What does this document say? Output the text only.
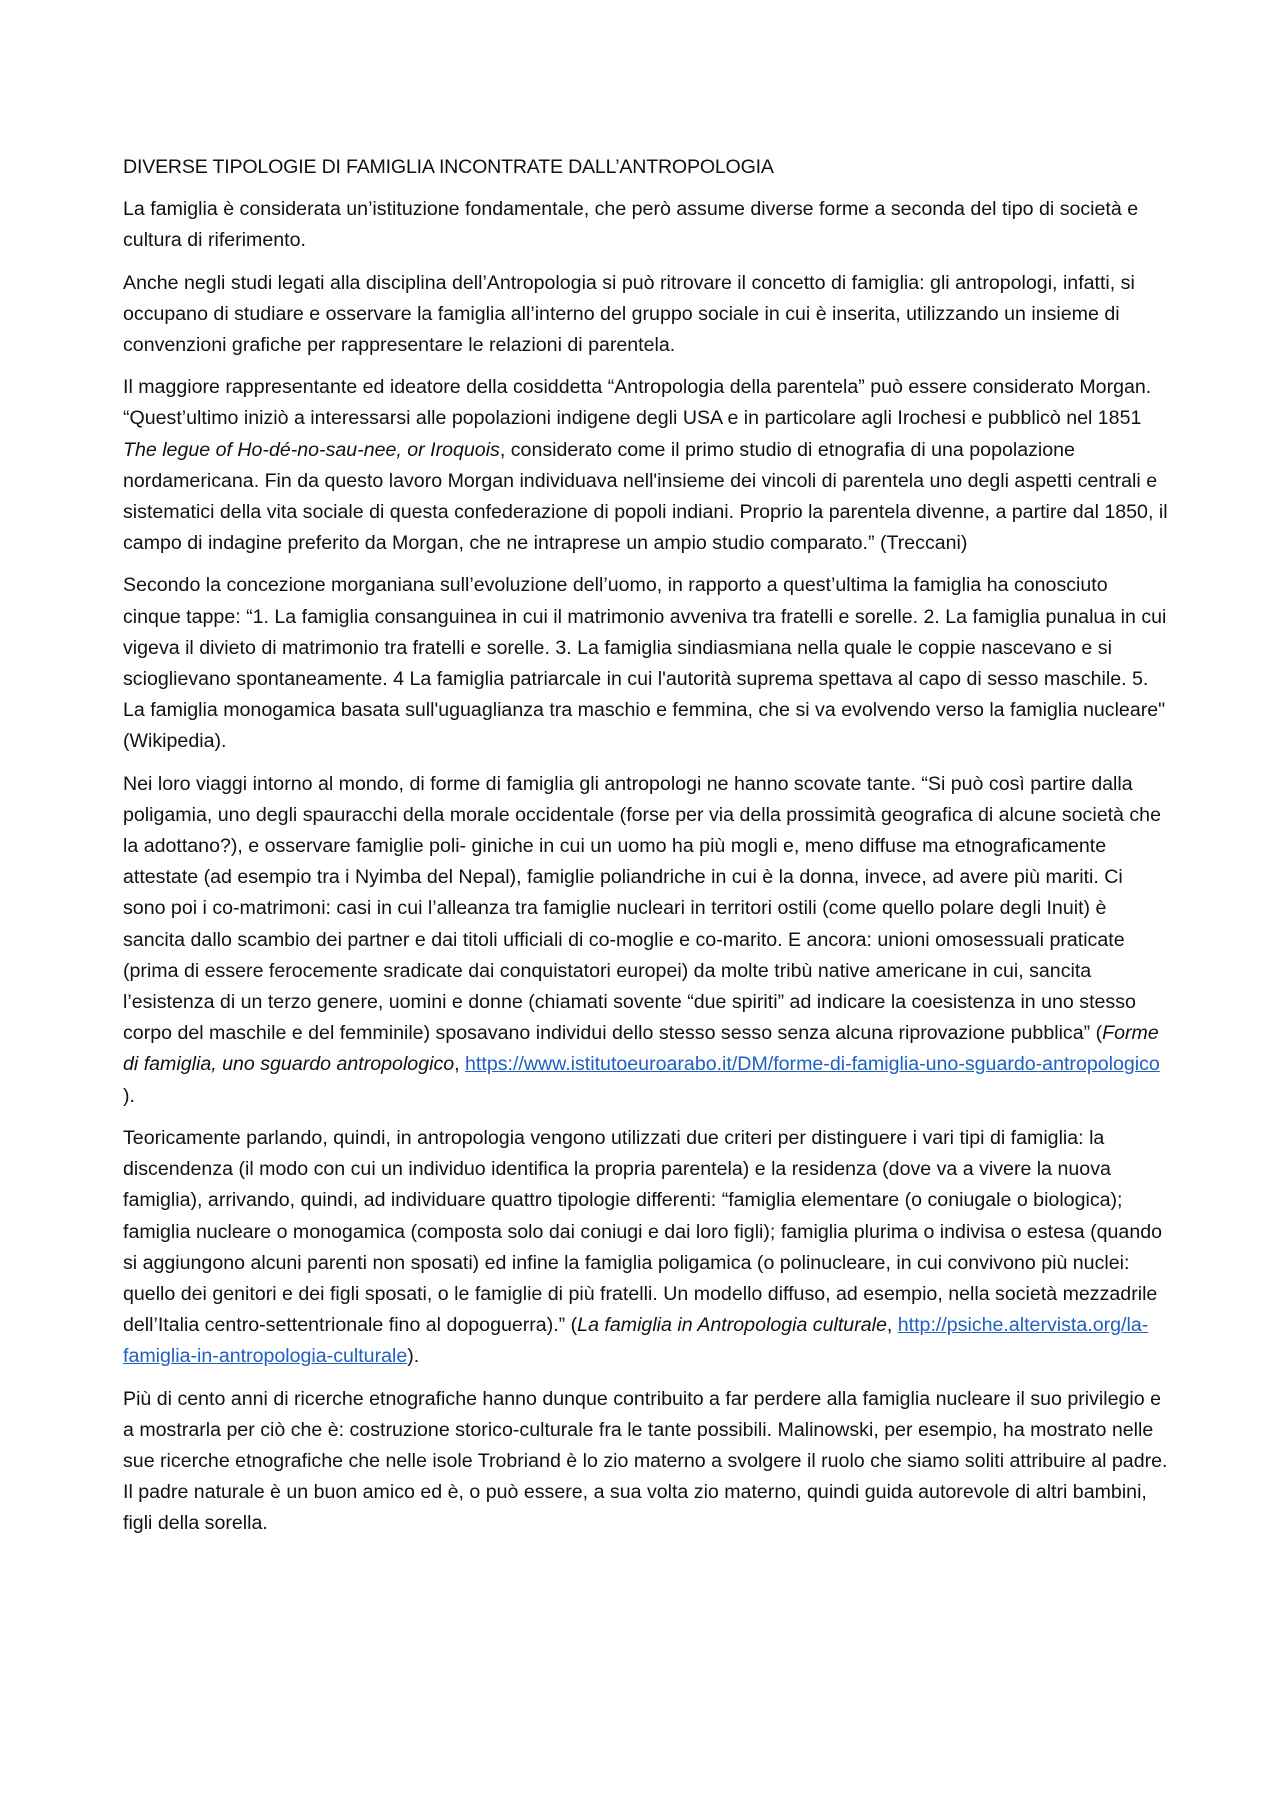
DIVERSE TIPOLOGIE DI FAMIGLIA INCONTRATE DALL’ANTROPOLOGIA
La famiglia è considerata un’istituzione fondamentale, che però assume diverse forme a seconda del tipo di società e cultura di riferimento.
Anche negli studi legati alla disciplina dell’Antropologia si può ritrovare il concetto di famiglia: gli antropologi, infatti, si occupano di studiare e osservare la famiglia all’interno del gruppo sociale in cui è inserita, utilizzando un insieme di convenzioni grafiche per rappresentare le relazioni di parentela.
Il maggiore rappresentante ed ideatore della cosiddetta “Antropologia della parentela” può essere considerato Morgan. “Quest’ultimo iniziò a interessarsi alle popolazioni indigene degli USA e in particolare agli Irochesi e pubblicò nel 1851 The legue of Ho-dé-no-sau-nee, or Iroquois, considerato come il primo studio di etnografia di una popolazione nordamericana. Fin da questo lavoro Morgan individuava nell'insieme dei vincoli di parentela uno degli aspetti centrali e sistematici della vita sociale di questa confederazione di popoli indiani. Proprio la parentela divenne, a partire dal 1850, il campo di indagine preferito da Morgan, che ne intraprese un ampio studio comparato.” (Treccani)
Secondo la concezione morganiana sull’evoluzione dell’uomo, in rapporto a quest’ultima la famiglia ha conosciuto cinque tappe: “1. La famiglia consanguinea in cui il matrimonio avveniva tra fratelli e sorelle. 2. La famiglia punalua in cui vigeva il divieto di matrimonio tra fratelli e sorelle. 3. La famiglia sindiasmiana nella quale le coppie nascevano e si scioglievano spontaneamente. 4 La famiglia patriarcale in cui l'autorità suprema spettava al capo di sesso maschile. 5. La famiglia monogamica basata sull'uguaglianza tra maschio e femmina, che si va evolvendo verso la famiglia nucleare" (Wikipedia).
Nei loro viaggi intorno al mondo, di forme di famiglia gli antropologi ne hanno scovate tante. “Si può così partire dalla poligamia, uno degli spauracchi della morale occidentale (forse per via della prossimità geografica di alcune società che la adottano?), e osservare famiglie poli- giniche in cui un uomo ha più mogli e, meno diffuse ma etnograficamente attestate (ad esempio tra i Nyimba del Nepal), famiglie poliandriche in cui è la donna, invece, ad avere più mariti. Ci sono poi i co-matrimoni: casi in cui l’alleanza tra famiglie nucleari in territori ostili (come quello polare degli Inuit) è sancita dallo scambio dei partner e dai titoli ufficiali di co-moglie e co-marito. E ancora: unioni omosessuali praticate (prima di essere ferocemente sradicate dai conquistatori europei) da molte tribù native americane in cui, sancita l’esistenza di un terzo genere, uomini e donne (chiamati sovente “due spiriti” ad indicare la coesistenza in uno stesso corpo del maschile e del femminile) sposavano individui dello stesso sesso senza alcuna riprovazione pubblica” (Forme di famiglia, uno sguardo antropologico, https://www.istitutoeuroarabo.it/DM/forme-di-famiglia-uno-sguardo-antropologico ).
Teoricamente parlando, quindi, in antropologia vengono utilizzati due criteri per distinguere i vari tipi di famiglia: la discendenza (il modo con cui un individuo identifica la propria parentela) e la residenza (dove va a vivere la nuova famiglia), arrivando, quindi, ad individuare quattro tipologie differenti: “famiglia elementare (o coniugale o biologica); famiglia nucleare o monogamica (composta solo dai coniugi e dai loro figli); famiglia plurima o indivisa o estesa (quando si aggiungono alcuni parenti non sposati) ed infine la famiglia poligamica (o polinucleare, in cui convivono più nuclei: quello dei genitori e dei figli sposati, o le famiglie di più fratelli. Un modello diffuso, ad esempio, nella società mezzadrile dell’Italia centro-settentrionale fino al dopoguerra).” (La famiglia in Antropologia culturale, http://psiche.altervista.org/la-famiglia-in-antropologia-culturale).
Più di cento anni di ricerche etnografiche hanno dunque contribuito a far perdere alla famiglia nucleare il suo privilegio e a mostrarla per ciò che è: costruzione storico-culturale fra le tante possibili. Malinowski, per esempio, ha mostrato nelle sue ricerche etnografiche che nelle isole Trobriand è lo zio materno a svolgere il ruolo che siamo soliti attribuire al padre. Il padre naturale è un buon amico ed è, o può essere, a sua volta zio materno, quindi guida autorevole di altri bambini, figli della sorella.
